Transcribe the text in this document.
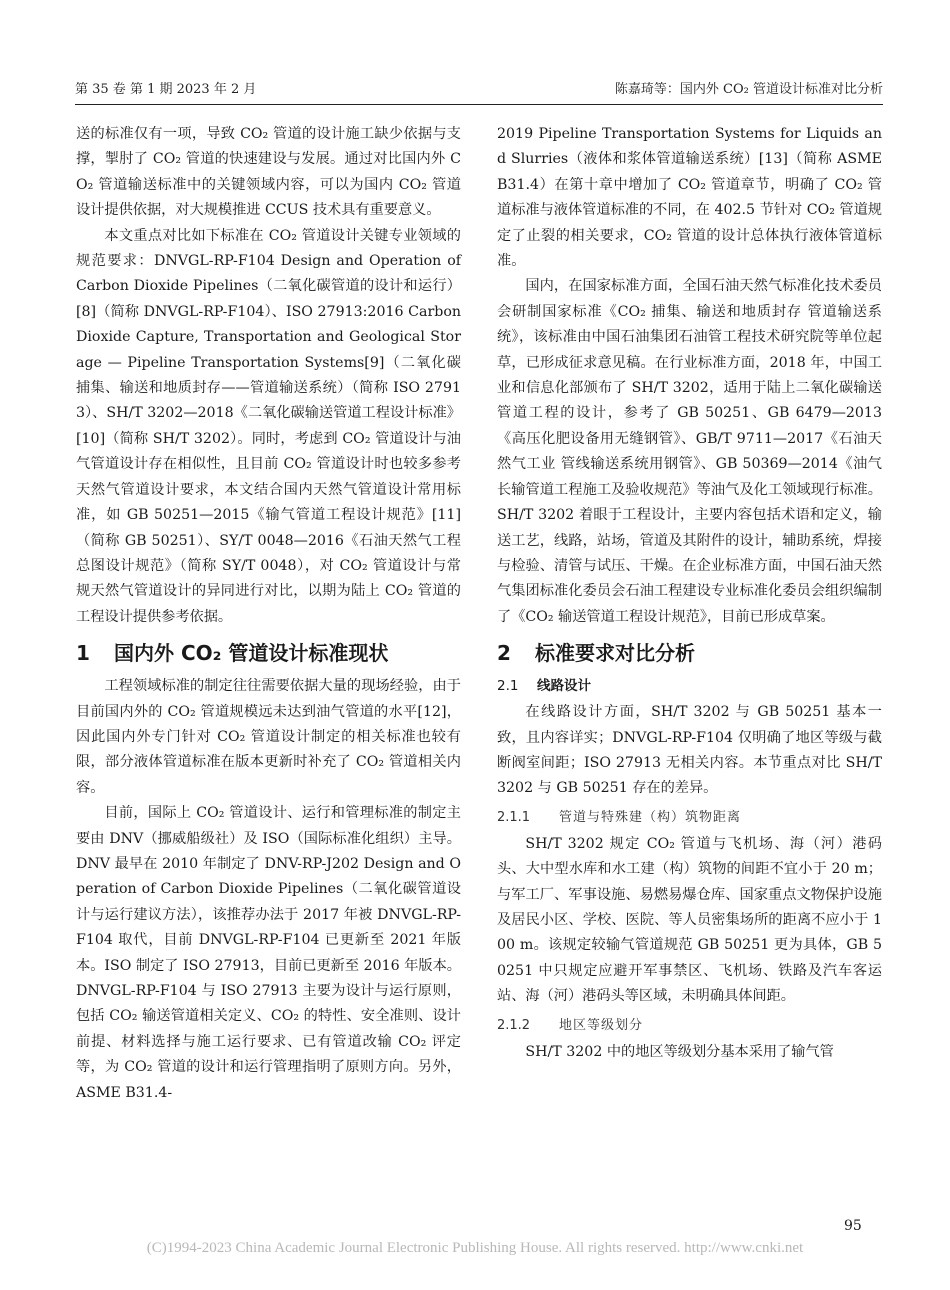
第 35 卷 第 1 期 2023 年 2 月	陈嘉琦等：国内外 CO₂ 管道设计标准对比分析

送的标准仅有一项，导致 CO₂ 管道的设计施工缺少依据与支撑，掣肘了 CO₂ 管道的快速建设与发展。通过对比国内外 CO₂ 管道输送标准中的关键领域内容，可以为国内 CO₂ 管道设计提供依据，对大规模推进 CCUS 技术具有重要意义。

本文重点对比如下标准在 CO₂ 管道设计关键专业领域的规范要求：DNVGL-RP-F104 Design and Operation of Carbon Dioxide Pipelines（二氧化碳管道的设计和运行）[8]（简称 DNVGL-RP-F104）、ISO 27913:2016 Carbon Dioxide Capture, Transportation and Geological Storage — Pipeline Transportation Systems[9]（二氧化碳捕集、输送和地质封存——管道输送系统）（简称 ISO 27913）、SH/T 3202—2018《二氧化碳输送管道工程设计标准》[10]（简称 SH/T 3202）。同时，考虑到 CO₂ 管道设计与油气管道设计存在相似性，且目前 CO₂ 管道设计时也较多参考天然气管道设计要求，本文结合国内天然气管道设计常用标准，如 GB 50251—2015《输气管道工程设计规范》[11]（简称 GB 50251）、SY/T 0048—2016《石油天然气工程总图设计规范》（简称 SY/T 0048），对 CO₂ 管道设计与常规天然气管道设计的异同进行对比，以期为陆上 CO₂ 管道的工程设计提供参考依据。

1 国内外 CO₂ 管道设计标准现状

工程领域标准的制定往往需要依据大量的现场经验，由于目前国内外的 CO₂ 管道规模远未达到油气管道的水平[12]，因此国内外专门针对 CO₂ 管道设计制定的相关标准也较有限，部分液体管道标准在版本更新时补充了 CO₂ 管道相关内容。

目前，国际上 CO₂ 管道设计、运行和管理标准的制定主要由 DNV（挪威船级社）及 ISO（国际标准化组织）主导。DNV 最早在 2010 年制定了 DNV-RP-J202 Design and Operation of Carbon Dioxide Pipelines（二氧化碳管道设计与运行建议方法），该推荐办法于 2017 年被 DNVGL-RP-F104 取代，目前 DNVGL-RP-F104 已更新至 2021 年版本。ISO 制定了 ISO 27913，目前已更新至 2016 年版本。DNVGL-RP-F104 与 ISO 27913 主要为设计与运行原则，包括 CO₂ 输送管道相关定义、CO₂ 的特性、安全准则、设计前提、材料选择与施工运行要求、已有管道改输 CO₂ 评定等，为 CO₂ 管道的设计和运行管理指明了原则方向。另外，ASME B31.4-

2019 Pipeline Transportation Systems for Liquids and Slurries（液体和浆体管道输送系统）[13]（简称 ASME B31.4）在第十章中增加了 CO₂ 管道章节，明确了 CO₂ 管道标准与液体管道标准的不同，在 402.5 节针对 CO₂ 管道规定了止裂的相关要求，CO₂ 管道的设计总体执行液体管道标准。

国内，在国家标准方面，全国石油天然气标准化技术委员会研制国家标准《CO₂ 捕集、输送和地质封存 管道输送系统》，该标准由中国石油集团石油管工程技术研究院等单位起草，已形成征求意见稿。在行业标准方面，2018 年，中国工业和信息化部颁布了 SH/T 3202，适用于陆上二氧化碳输送管道工程的设计，参考了 GB 50251、GB 6479—2013《高压化肥设备用无缝钢管》、GB/T 9711—2017《石油天然气工业 管线输送系统用钢管》、GB 50369—2014《油气长输管道工程施工及验收规范》等油气及化工领域现行标准。SH/T 3202 着眼于工程设计，主要内容包括术语和定义，输送工艺，线路，站场，管道及其附件的设计，辅助系统，焊接与检验、清管与试压、干燥。在企业标准方面，中国石油天然气集团标准化委员会石油工程建设专业标准化委员会组织编制了《CO₂ 输送管道工程设计规范》，目前已形成草案。

2 标准要求对比分析
2.1 线路设计

在线路设计方面，SH/T 3202 与 GB 50251 基本一致，且内容详实；DNVGL-RP-F104 仅明确了地区等级与截断阀室间距；ISO 27913 无相关内容。本节重点对比 SH/T 3202 与 GB 50251 存在的差异。

2.1.1 管道与特殊建（构）筑物距离

SH/T 3202 规定 CO₂ 管道与飞机场、海（河）港码头、大中型水库和水工建（构）筑物的间距不宜小于 20 m；与军工厂、军事设施、易燃易爆仓库、国家重点文物保护设施及居民小区、学校、医院、等人员密集场所的距离不应小于 100 m。该规定较输气管道规范 GB 50251 更为具体，GB 50251 中只规定应避开军事禁区、飞机场、铁路及汽车客运站、海（河）港码头等区域，未明确具体间距。

2.1.2 地区等级划分

SH/T 3202 中的地区等级划分基本采用了输气管

95
(C)1994-2023 China Academic Journal Electronic Publishing House. All rights reserved. http://www.cnki.net
